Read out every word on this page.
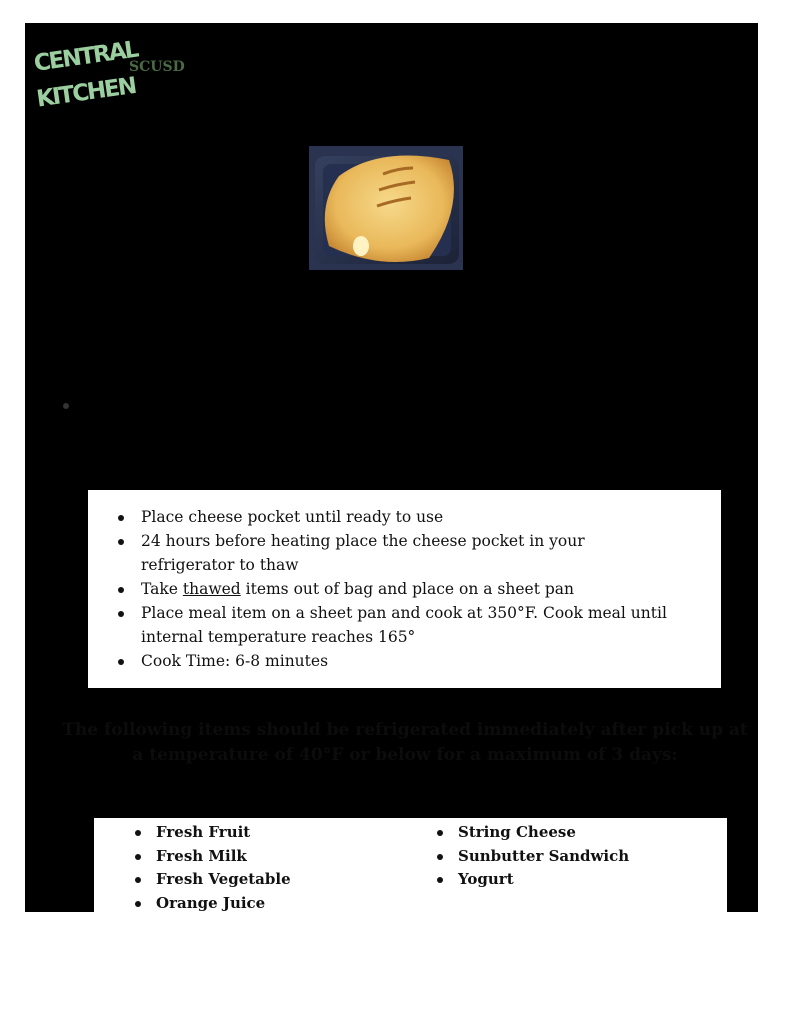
CENTRAL
KITCHEN
SCUSD
Place cheese pocket until ready to use
24 hours before heating place the cheese pocket in your refrigerator to thaw
Take thawed items out of bag and place on a sheet pan
Place meal item on a sheet pan and cook at 350°F. Cook meal until internal temperature reaches 165°
Cook Time: 6-8 minutes
The following items should be refrigerated immediately after pick up at a temperature of 40°F or below for a maximum of 3 days:
Fresh Fruit
Fresh Milk
Fresh Vegetable
Orange Juice
String Cheese
Sunbutter Sandwich
Yogurt
